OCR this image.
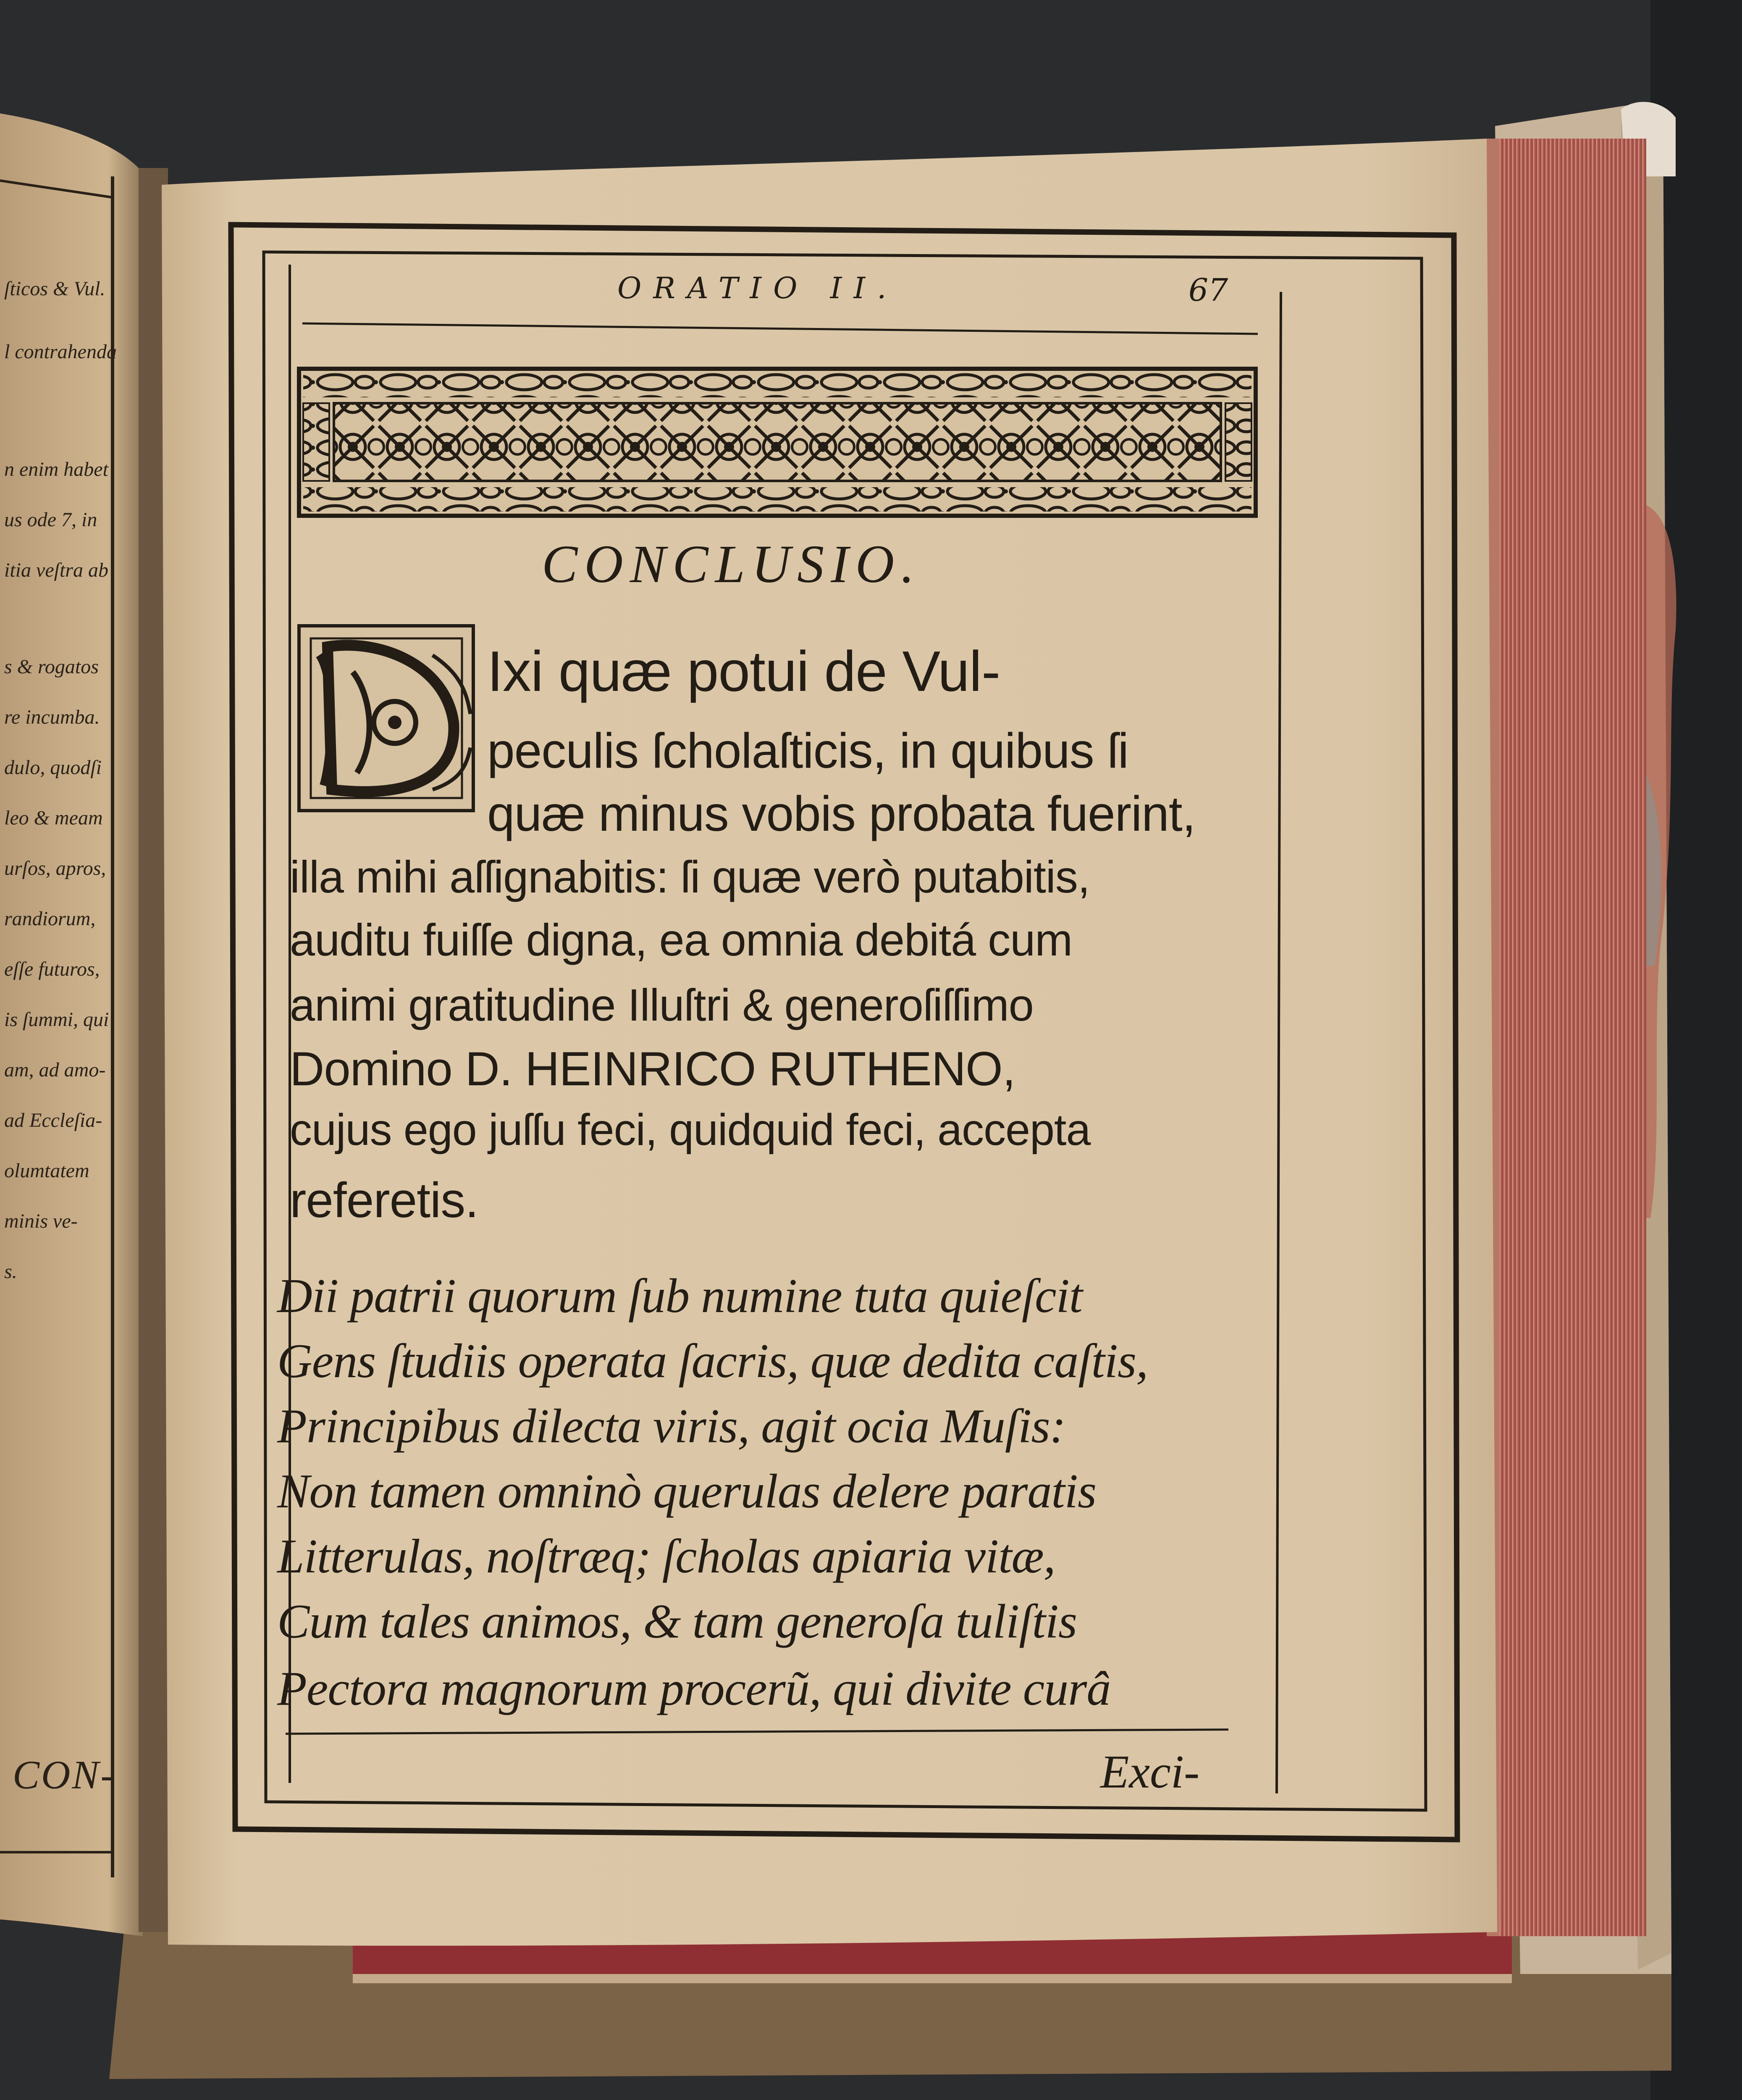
ſticos & Vul.
l contrahenda
n enim habet
us ode 7, in
itia veſtra ab
s & rogatos
re incumba.
dulo, quodſi
leo & meam
urſos, apros,
randiorum,
eſſe futuros,
is ſummi, qui
am, ad amo-
ad Eccleſia-
olumtatem
minis ve-
s.
CON-
ORATIO II.	67
CONCLUSIO.
Ixi quæ potui de Vul-
peculis ſcholaſticis, in quibus ſi
quæ minus vobis probata fuerint,
illa mihi aſſignabitis: ſi quæ verò putabitis,
auditu fuiſſe digna, ea omnia debitá cum
animi gratitudine Illuſtri & generoſiſſimo
Domino D. HEINRICO RUTHENO,
cujus ego juſſu feci, quidquid feci, accepta
referetis.
Dii patrii quorum ſub numine tuta quieſcit
Gens ſtudiis operata ſacris, quæ dedita caſtis,
Principibus dilecta viris, agit ocia Muſis:
Non tamen omninò querulas delere paratis
Litterulas, noſtræq; ſcholas apiaria vitæ,
Cum tales animos, & tam generoſa tuliſtis
Pectora magnorum procerũ, qui divite curâ
Exci-
